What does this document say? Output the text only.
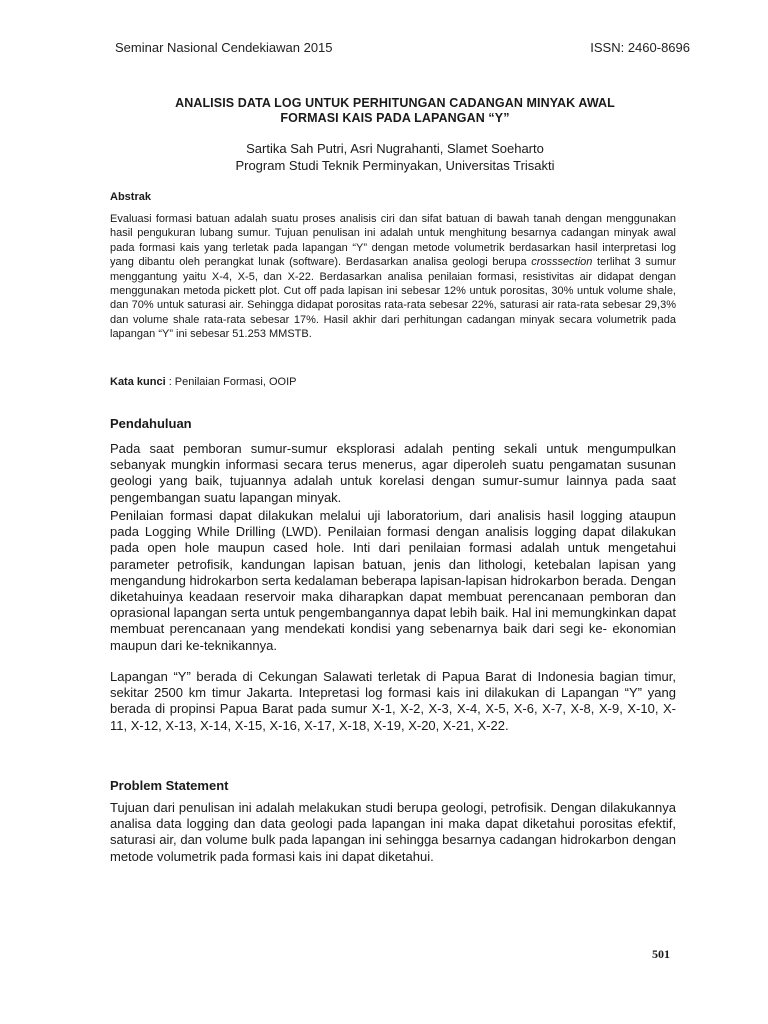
Seminar Nasional Cendekiawan 2015	ISSN: 2460-8696
ANALISIS DATA LOG UNTUK PERHITUNGAN CADANGAN MINYAK AWAL
FORMASI KAIS PADA LAPANGAN “Y”
Sartika Sah Putri, Asri Nugrahanti, Slamet Soeharto
Program Studi Teknik Perminyakan, Universitas Trisakti
Abstrak
Evaluasi formasi batuan adalah suatu proses analisis ciri dan sifat batuan di bawah tanah dengan menggunakan hasil pengukuran lubang sumur. Tujuan penulisan ini adalah untuk menghitung besarnya cadangan minyak awal pada formasi kais yang terletak pada lapangan “Y” dengan metode volumetrik berdasarkan hasil interpretasi log yang dibantu oleh perangkat lunak (software). Berdasarkan analisa geologi berupa crosssection terlihat 3 sumur menggantung yaitu X-4, X-5, dan X-22. Berdasarkan analisa penilaian formasi, resistivitas air didapat dengan menggunakan metoda pickett plot. Cut off pada lapisan ini sebesar 12% untuk porositas, 30% untuk volume shale, dan 70% untuk saturasi air. Sehingga didapat porositas rata-rata sebesar 22%, saturasi air rata-rata sebesar 29,3% dan volume shale rata-rata sebesar 17%. Hasil akhir dari perhitungan cadangan minyak secara volumetrik pada lapangan “Y” ini sebesar 51.253 MMSTB.
Kata kunci : Penilaian Formasi, OOIP
Pendahuluan
Pada saat pemboran sumur-sumur eksplorasi adalah penting sekali untuk mengumpulkan sebanyak mungkin informasi secara terus menerus, agar diperoleh suatu pengamatan susunan geologi yang baik, tujuannya adalah untuk korelasi dengan sumur-sumur lainnya pada saat pengembangan suatu lapangan minyak.
Penilaian formasi dapat dilakukan melalui uji laboratorium, dari analisis hasil logging ataupun pada Logging While Drilling (LWD). Penilaian formasi dengan analisis logging dapat dilakukan pada open hole maupun cased hole. Inti dari penilaian formasi adalah untuk mengetahui parameter petrofisik, kandungan lapisan batuan, jenis dan lithologi, ketebalan lapisan yang mengandung hidrokarbon serta kedalaman beberapa lapisan-lapisan hidrokarbon berada. Dengan diketahuinya keadaan reservoir maka diharapkan dapat membuat perencanaan pemboran dan oprasional lapangan serta untuk pengembangannya dapat lebih baik. Hal ini memungkinkan dapat membuat perencanaan yang mendekati kondisi yang sebenarnya baik dari segi ke- ekonomian maupun dari ke-teknikannya.
Lapangan “Y” berada di Cekungan Salawati terletak di Papua Barat di Indonesia bagian timur, sekitar 2500 km timur Jakarta. Intepretasi log formasi kais ini dilakukan di Lapangan “Y” yang berada di propinsi Papua Barat pada sumur X-1, X-2, X-3, X-4, X-5, X-6, X-7, X-8, X-9, X-10, X-11, X-12, X-13, X-14, X-15, X-16, X-17, X-18, X-19, X-20, X-21, X-22.
Problem Statement
Tujuan dari penulisan ini adalah melakukan studi berupa geologi, petrofisik. Dengan dilakukannya analisa data logging dan data geologi pada lapangan ini maka dapat diketahui porositas efektif, saturasi air, dan volume bulk pada lapangan ini sehingga besarnya cadangan hidrokarbon dengan metode volumetrik pada formasi kais ini dapat diketahui.
501
